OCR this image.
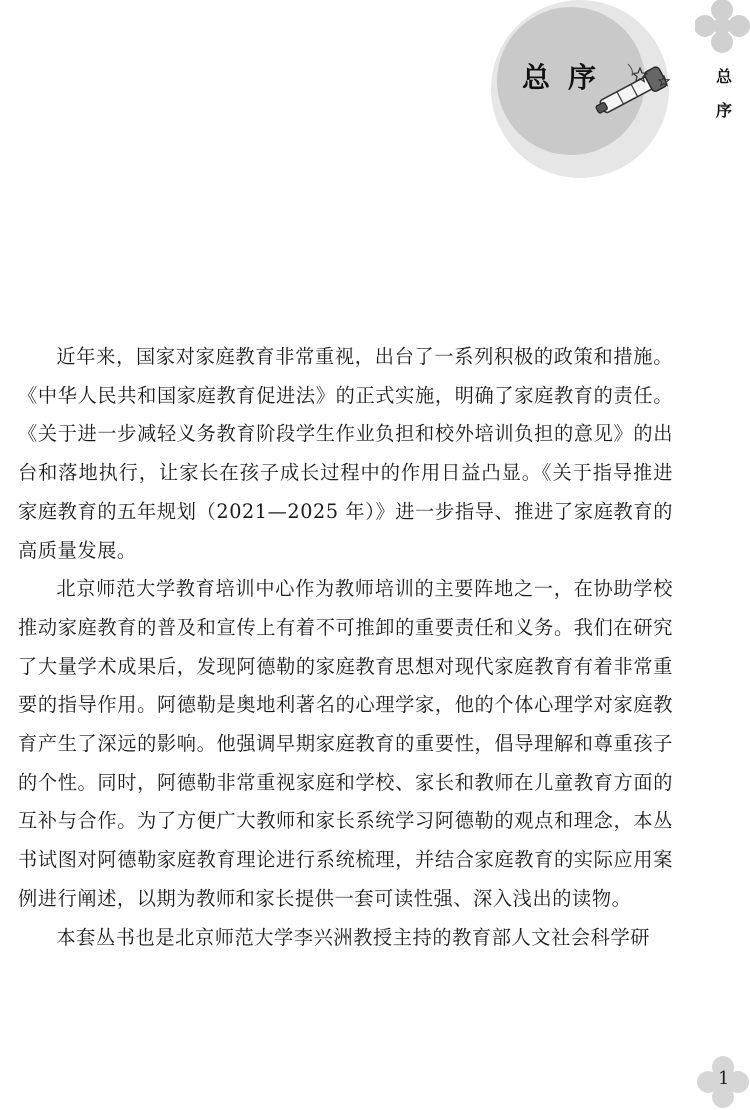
总序	总
序

近年来，国家对家庭教育非常重视，出台了一系列积极的政策和措施。《中华人民共和国家庭教育促进法》的正式实施，明确了家庭教育的责任。《关于进一步减轻义务教育阶段学生作业负担和校外培训负担的意见》的出台和落地执行，让家长在孩子成长过程中的作用日益凸显。《关于指导推进家庭教育的五年规划（2021—2025 年）》进一步指导、推进了家庭教育的高质量发展。

北京师范大学教育培训中心作为教师培训的主要阵地之一，在协助学校推动家庭教育的普及和宣传上有着不可推卸的重要责任和义务。我们在研究了大量学术成果后，发现阿德勒的家庭教育思想对现代家庭教育有着非常重要的指导作用。阿德勒是奥地利著名的心理学家，他的个体心理学对家庭教育产生了深远的影响。他强调早期家庭教育的重要性，倡导理解和尊重孩子的个性。同时，阿德勒非常重视家庭和学校、家长和教师在儿童教育方面的互补与合作。为了方便广大教师和家长系统学习阿德勒的观点和理念，本丛书试图对阿德勒家庭教育理论进行系统梳理，并结合家庭教育的实际应用案例进行阐述，以期为教师和家长提供一套可读性强、深入浅出的读物。

本套丛书也是北京师范大学李兴洲教授主持的教育部人文社会科学研

1
